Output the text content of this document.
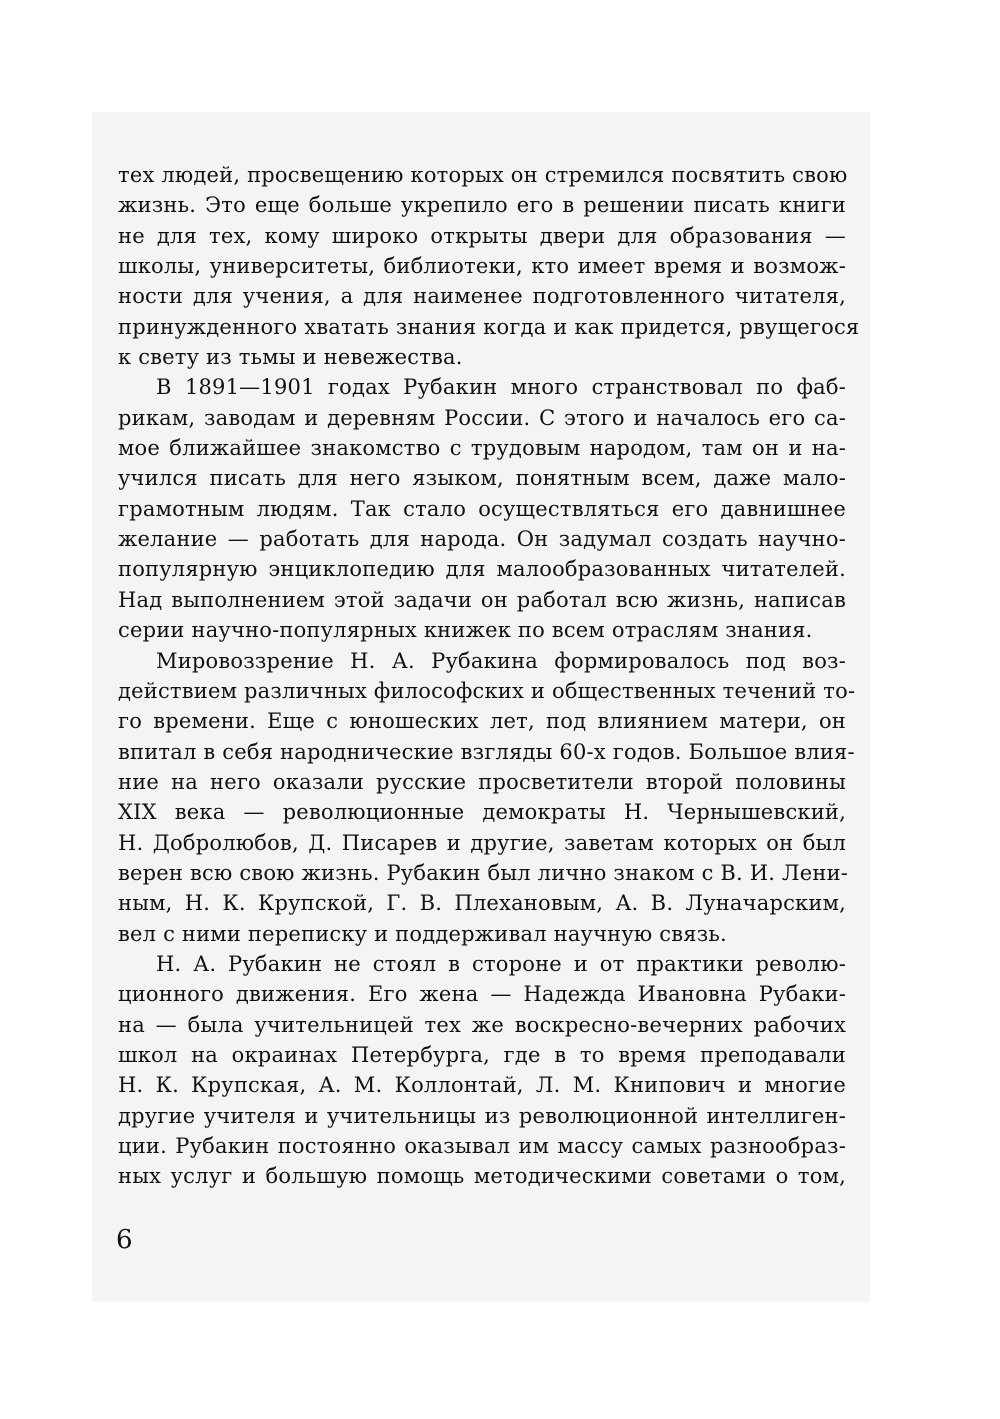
тех людей, просвещению которых он стремился посвятить свою
жизнь. Это еще больше укрепило его в решении писать книги
не для тех, кому широко открыты двери для образования —
школы, университеты, библиотеки, кто имеет время и возмож-
ности для учения, а для наименее подготовленного читателя,
принужденного хватать знания когда и как придется, рвущегося
к свету из тьмы и невежества.
В 1891—1901 годах Рубакин много странствовал по фаб-
рикам, заводам и деревням России. С этого и началось его са-
мое ближайшее знакомство с трудовым народом, там он и на-
учился писать для него языком, понятным всем, даже мало-
грамотным людям. Так стало осуществляться его давнишнее
желание — работать для народа. Он задумал создать научно-
популярную энциклопедию для малообразованных читателей.
Над выполнением этой задачи он работал всю жизнь, написав
серии научно-популярных книжек по всем отраслям знания.
Мировоззрение Н. А. Рубакина формировалось под воз-
действием различных философских и общественных течений то-
го времени. Еще с юношеских лет, под влиянием матери, он
впитал в себя народнические взгляды 60-х годов. Большое влия-
ние на него оказали русские просветители второй половины
XIX века — революционные демократы Н. Чернышевский,
Н. Добролюбов, Д. Писарев и другие, заветам которых он был
верен всю свою жизнь. Рубакин был лично знаком с В. И. Лени-
ным, Н. К. Крупской, Г. В. Плехановым, А. В. Луначарским,
вел с ними переписку и поддерживал научную связь.
Н. А. Рубакин не стоял в стороне и от практики револю-
ционного движения. Его жена — Надежда Ивановна Рубаки-
на — была учительницей тех же воскресно-вечерних рабочих
школ на окраинах Петербурга, где в то время преподавали
Н. К. Крупская, А. М. Коллонтай, Л. М. Книпович и многие
другие учителя и учительницы из революционной интеллиген-
ции. Рубакин постоянно оказывал им массу самых разнообраз-
ных услуг и большую помощь методическими советами о том,
6
